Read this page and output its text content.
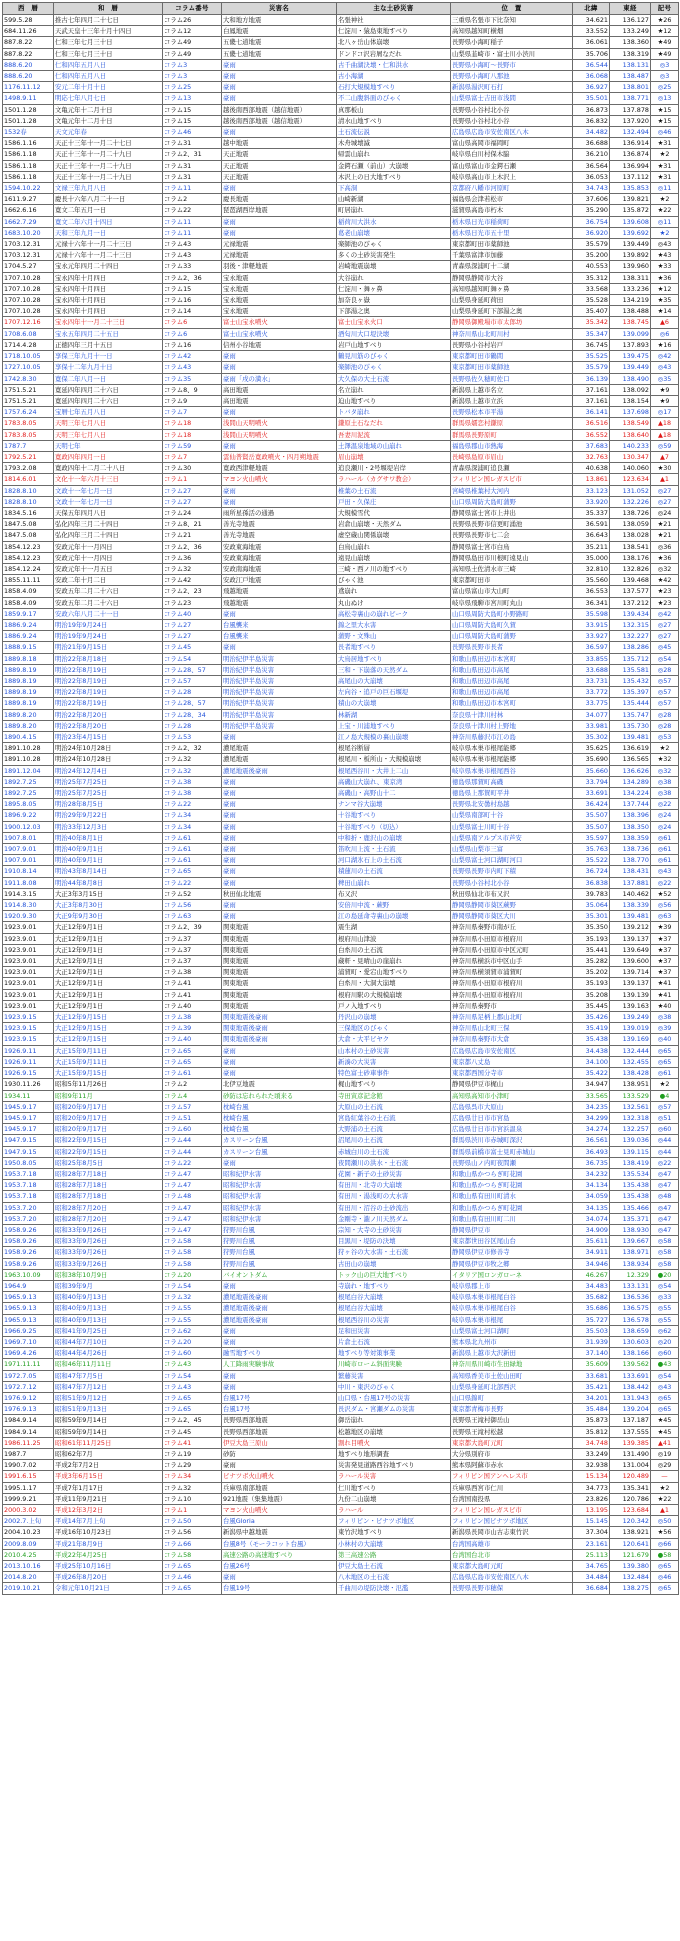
西　暦	和　暦	コラム番号	災害名	主な土砂災害	位　置	北緯	東経	記号
599.5.28	推古七年四月二十七日	コラム26	大和地方地震	名張神社	三重県名張市下比奈知	34.621	136.127	★26
684.11.26	天武天皇十三年十月十四日	コラム12	白鳳地震	仁淀川・猿島東地すべり	高知県越知町横畑	33.552	133.249	★12
887.8.22	仁和三年七月三十日	コラム49	五畿七道地震	北八ヶ岳山体崩壊	長野県小海町稲子	36.061	138.360	★49
887.8.22	仁和三年七月三十日	コラム49	五畿七道地震	ドンドコ沢岩屑なだれ	山梨県韮崎市・富士川小渋川	35.706	138.319	★49
888.6.20	仁和四年五月八日	コラム3	豪雨	古千曲湖決壊・仁和洪水	長野県小海町～長野市	36.544	138.131	◎3
888.6.20	仁和四年五月八日	コラム3	豪雨	古小海湖	長野県小海町八那池	36.068	138.487	◎3
1176.11.12	安元二年十月十日	コラム25	豪雨	石打大規模地すべり	新潟県湯沢町石打	36.927	138.801	◎25
1498.9.11	明応七年八月七日	コラム13	豪雨	不二山腹斜面のびゃく	山梨県富士吉田市浅間	35.501	138.771	◎13
1501.1.28	文亀元年十二月十日	コラム15	越後南西部地震（越信地震）	真那板山	長野県小谷村北小谷	36.873	137.878	★15
1501.1.28	文亀元年十二月十日	コラム15	越後南西部地震（越信地震）	清水山地すべり	長野県小谷村北小谷	36.832	137.920	★15
1532春	天文元年春	コラム46	豪雨	土石流伝説	広島県広島市安佐南区八木	34.482	132.494	◎46
1586.1.16	天正十三年十一月二十七日	コラム31	越中地震	木舟城壊滅	富山県高岡市福岡町	36.688	136.914	★31
1586.1.18	天正十三年十一月二十九日	コラム2、31	天正地震	帰雲山崩れ	岐阜県白川村保木脇	36.210	136.874	★2
1586.1.18	天正十三年十一月二十九日	コラム31	天正地震	金鍔石瀬（前山）大崩壊	富山県富山市金鍔石瀬	36.564	136.994	★31
1586.1.18	天正十三年十一月二十九日	コラム31	天正地震	木沢上の日大地すべり	岐阜県高山市上木沢上	36.053	137.112	★31
1594.10.22	文禄三年九月八日	コラム11	豪雨	下高洞	京都府八幡市河原町	34.743	135.853	◎11
1611.9.27	慶長十六年八月二十一日	コラム2	慶長地震	山崎新湖	福島県会津若松市	37.606	139.821	★2
1662.6.16	寛文二年五月一日	コラム22	琵琶湖西岸地震	町居崩れ	滋賀県高島市朽木	35.290	135.872	★22
1662.7.29	寛文二年六月十四日	コラム11	豪雨	稲荷川大洪水	栃木県日光市稲荷町	36.754	139.608	◎11
1683.10.20	天和三年九月一日	コラム11	豪雨	葛老山崩壊	栃木県日光市五十里	36.920	139.692	★2
1703.12.31	元禄十六年十一月二十三日	コラム43	元禄地震	楽師池のびゃく	東京都町田市薬師池	35.579	139.449	◎43
1703.12.31	元禄十六年十一月二十三日	コラム43	元禄地震	多くの土砂災害発生	千葉県富津市加藤	35.200	139.892	★43
1704.5.27	宝永元年四月二十四日	コラム33	羽後・津軽地震	岩崎地震崩壊	青森県深浦町十二湖	40.553	139.960	★33
1707.10.28	宝永四年十月四日	コラム2、36	宝永地震	大谷崩れ	静岡県静岡市大谷	35.312	138.311	★36
1707.10.28	宝永四年十月四日	コラム15	宝永地震	仁淀川・舞ヶ鼻	高知県越知町舞ヶ鼻	33.568	133.236	★12
1707.10.28	宝永四年十月四日	コラム16	宝永地震	加奈良ヶ嶽	山梨県身延町荷田	35.528	134.219	★35
1707.10.28	宝永四年十月四日	コラム14	宝永地震	下部湯之奥	山梨県身延町下部湯之奥	35.407	138.488	★14
1707.12.16	宝永四年十一月二十三日	コラム6	富士山宝永噴火	富士山宝永火口	静岡県御殿場市市太郎坊	35.342	138.745	▲6
1708.6.08	宝永五年四月二十五日	コラム6	富士山宝永噴火	酒匂川大口堤決壊	神奈川県山北町川村	35.347	139.099	◎6
1714.4.28	正徳四年三月十五日	コラム16	信州小谷地震	岩戸山地すべり	長野県小谷村岩戸	36.745	137.893	★16
1718.10.05	享保三年九月十一日	コラム42	豪雨	鶴見川筋のびゃく	東京都町田市鶴間	35.525	139.475	◎42
1727.10.05	享保十二年九月十日	コラム43	豪雨	楽師池のびゃく	東京都町田市薬師池	35.579	139.449	◎43
1742.8.30	寛保二年八月一日	コラム35	豪雨「戌の満水」	大久保の大土石流	長野県佐久穂町佐口	36.139	138.490	◎35
1751.5.21	寛延四年四月二十六日	コラム8、9	高田地震	名立崩れ	新潟県上越市名立	37.161	138.092	★9
1751.5.21	寛延四年四月二十六日	コラム9	高田地震	迫山地すべり	新潟県上越市立浜	37.161	138.154	★9
1757.6.24	宝暦七年五月八日	コラム7	豪雨	トバタ崩れ	長野県松本市平湯	36.141	137.698	◎17
1783.8.05	天明三年七月八日	コラム18	浅間山天明噴火	鎌原土石なだれ	群馬県嬬恋村鎌原	36.516	138.549	▲18
1783.8.05	天明三年七月八日	コラム18	浅間山天明噴火	吾妻川泥流	群馬県長野原町	36.552	138.640	▲18
1787.7	天明七年	コラム59	豪雨	土澤温泉地域の山崩れ	福島県郡山市熱海	37.683	140.233	◎59
1792.5.21	寛政四年四月一日	コラム7	雲仙普賢岳寛政噴火・四月朔地震	眉山崩壊	長崎県島原市眉山	32.763	130.347	▲7
1793.2.08	寛政四年十二月二十八日	コラム30	寛政西津軽地震	追良瀬川・2号堰堤岩岸	青森県深浦町追良瀬	40.638	140.060	★30
1814.6.01	文化十一年六月十三日	コラム1	マヨン火山噴火	ラハール（カグサワ教会）	フィリピン国レガスピ市	13.861	123.634	▲1
1828.8.10	文政十一年七月一日	コラム27	豪雨	椎葉の土石流	宮崎県椎葉村大河内	33.123	131.052	◎27
1828.8.10	文政十一年七月一日	コラム27	豪雨	戸田・久保庄	山口県周防大島町蒲野	33.920	132.226	◎27
1834.5.16	天保五年四月八日	コラム24	雨所星孫活の通過	大規模雪代	静岡県富士宮市上井出	35.337	138.726	◎24
1847.5.08	弘化四年三月二十四日	コラム8、21	善光寺地震	岩倉山崩壊・天然ダム	長野県長野市信更町涌池	36.591	138.059	★21
1847.5.08	弘化四年三月二十四日	コラム21	善光寺地震	虚空蔵山関係崩壊	長野県長野市七二会	36.643	138.028	★21
1854.12.23	安政元年十一月四日	コラム2、36	安政東海地震	白鳥山崩れ	静岡県富士宮市白鳥	35.211	138.541	◎36
1854.12.23	安政元年十一月四日	コラム36	安政東海地震	遠見山崩壊	静岡県島田市川根町遠見山	35.000	138.176	★36
1854.12.24	安政元年十一月五日	コラム32	安政南海地震	三崎・西ノ川の地すべり	高知県土佐清水市三崎	32.810	132.826	◎32
1855.11.11	安政二年十月二日	コラム42	安政江戸地震	びゃく池	東京都町田市	35.560	139.468	★42
1858.4.09	安政五年二月二十六日	コラム2、23	飛越地震	鳶崩れ	富山県富山市大山町	36.553	137.577	★23
1858.4.09	安政五年二月二十六日	コラム23	飛越地震	丸山ぬけ	岐阜県飛騨市宮川町丸山	36.341	137.212	★23
1859.9.17	安政六年八月二十一日	コラム40	豪雨	高松寺裏山の崩れピーク	山口県周防大島町小野路町	35.598	139.434	◎42
1886.9.24	明治19年9月24日	コラム27	台風襲来	錦之里大水害	山口県周防大島町久賀	33.915	132.315	◎27
1886.9.24	明治19年9月24日	コラム27	台風襲来	蒲野・文殊山	山口県周防大島町蒲野	33.927	132.227	◎27
1888.9.15	明治21年9月15日	コラム45	豪雨	長者地すべり	長野県長野市長者	36.597	138.286	◎45
1889.8.18	明治22年8月18日	コラム54	明治紀伊半島災害	大鳥居地すべり	和歌山県田辺市本宮町	33.855	135.712	◎54
1889.8.19	明治22年8月19日	コラム28、57	明治紀伊半島災害	三和・下崩落の天然ダム	和歌山県田辺市高尾	33.688	135.581	◎28
1889.8.19	明治22年8月19日	コラム57	明治紀伊半島災害	高尾山の大崩壊	和歌山県田辺市高尾	33.731	135.432	◎57
1889.8.19	明治22年8月19日	コラム28	明治紀伊半島災害	左向谷・追戸の巨石堰堤	和歌山県田辺市高尾	33.772	135.397	◎57
1889.8.19	明治22年8月19日	コラム28、57	明治紀伊半島災害	積山の大崩壊	和歌山県田辺市本宮町	33.775	135.444	◎57
1889.8.20	明治22年8月20日	コラム28、34	明治紀伊半島災害	林新湖	奈良県十津川村林	34.077	135.747	◎28
1889.8.20	明治22年8月20日	コラム28	明治紀伊半島災害	上宝・川浦地すべり	奈良県十津川村上野地	33.981	135.730	◎28
1890.4.15	明治23年4月15日	コラム53	豪雨	江ノ島大規模の裏山崩壊	神奈川県藤沢市江の島	35.302	139.481	◎53
1891.10.28	明治24年10月28日	コラム2、32	濃尾地震	根尾谷断層	岐阜県本巣市根尾能郷	35.625	136.619	★2
1891.10.28	明治24年10月28日	コラム32	濃尾地震	根尾川・板所山・大規模崩壊	岐阜県本巣市根尾能郷	35.690	136.565	★32
1891.12.04	明治24年12月4日	コラム32	濃尾地震後豪雨	根尾西谷川・大井上二山	岐阜県本巣市根尾西谷	35.660	136.626	◎32
1892.7.25	明治25年7月25日	コラム38	豪雨	高磯山大崩れ、東京湾	徳島県那賀町高磯	33.794	134.289	◎38
1892.7.25	明治25年7月25日	コラム38	豪雨	高磯山・高野山十二	徳島県上那賀町平井	33.691	134.224	◎38
1895.8.05	明治28年8月5日	コラム22	豪雨	ナンマ谷大崩壊	長野県北安曇村島越	36.424	137.744	◎22
1896.9.22	明治29年9月22日	コラム34	豪雨	十谷地すべり	山梨県南部町十谷	35.507	138.396	◎24
1900.12.03	明治33年12月3日	コラム34	豪雨	十谷地すべり（切込）	山梨県富士川町十谷	35.507	138.350	◎24
1907.8.01	明治40年8月1日	コラム61	豪雨	中和折・鹿沢山の崩壊	山梨県南アルプス市芦安	35.597	138.359	◎61
1907.9.01	明治40年9月1日	コラム61	豪雨	笛吹川上流・土石流	山梨県山梨市三富	35.763	138.736	◎61
1907.9.01	明治40年9月1日	コラム61	豪雨	河口湖氷石上の土石流	山梨県富士河口湖町河口	35.522	138.770	◎61
1910.8.14	明治43年8月14日	コラム65	豪雨	積蓮川の土石流	長野県長野市内町下積	36.724	138.431	◎43
1911.8.08	明治44年8月8日	コラム22	豪雨	稗田山崩れ	長野県小谷村北小谷	36.838	137.881	◎22
1914.3.15	大正3年3月15日	コラム52	秋田仙北地震	布又沢	秋田県仙北市布又沢	39.783	140.462	★52
1914.8.30	大正3年8月30日	コラム56	豪雨	安倍川中流・蕨野	静岡県静岡市葵区蕨野	35.064	138.339	◎56
1920.9.30	大正9年9月30日	コラム63	豪雨	江の島延命寺裏山の崩壊	静岡県静岡市葵区大川	35.301	139.481	◎63
1923.9.01	大正12年9月1日	コラム2、39	関東地震	震生湖	神奈川県秦野市南が丘	35.350	139.212	★39
1923.9.01	大正12年9月1日	コラム37	関東地震	根府川山津波	神奈川県小田原市根府川	35.193	139.137	★37
1923.9.01	大正12年9月1日	コラム37	関東地震	白糸川の土石流	神奈川県小田原市中区元町	35.441	139.649	★37
1923.9.01	大正12年9月1日	コラム37	関東地震	蔵軒・見晴山の崖崩れ	神奈川県横浜市中区山手	35.282	139.600	★37
1923.9.01	大正12年9月1日	コラム38	関東地震	浦賀町・愛宕山地すべり	神奈川県横須賀市浦賀町	35.202	139.714	★37
1923.9.01	大正12年9月1日	コラム41	関東地震	白糸川・大洞大崩壊	神奈川県小田原市根府川	35.193	139.137	★41
1923.9.01	大正12年9月1日	コラム41	関東地震	根府川駅の大規模崩壊	神奈川県小田原市根府川	35.208	139.139	★41
1923.9.01	大正12年9月1日	コラム40	関東地震	戸ノ入地すべり	神奈川県秦野市	35.445	139.163	★40
1923.9.15	大正12年9月15日	コラム38	関東地震後豪雨	丹沢山の崩壊	神奈川県足柄上郡山北町	35.426	139.249	◎38
1923.9.15	大正12年9月15日	コラム39	関東地震後豪雨	三保地区のびゃく	神奈川県山北町三保	35.419	139.019	◎39
1923.9.15	大正12年9月15日	コラム40	関東地震後豪雨	大倉・大平ピヤク	神奈川県秦野市大倉	35.438	139.169	◎40
1926.9.11	大正15年9月11日	コラム65	豪雨	山本村の土砂災害	広島県広島市安佐南区	34.438	132.444	◎65
1926.9.11	大正15年9月11日	コラム65	豪雨	新湊の大災害	東京都八丈島	34.100	132.455	◎65
1926.9.15	大正15年9月15日	コラム61	豪雨	特色富士砂車事件	東京都西国分寺市	35.422	138.428	◎61
1930.11.26	昭和5年11月26日	コラム2	北伊豆地震	梶山地すべり	静岡県伊豆市梶山	34.947	138.951	★2
1934.11	昭和9年11月	コラム4	砂防は忘れられた頃来る	寺田寅彦記念館	高知県高知市小津町	33.565	133.529	●4
1945.9.17	昭和20年9月17日	コラム57	枕崎台風	大原山の土石流	広島県呉市大原山	34.235	132.561	◎57
1945.9.17	昭和20年9月17日	コラム51	枕崎台風	宮島紅葉谷の土石流	広島県廿日市市宮島	34.299	132.318	◎51
1945.9.17	昭和20年9月17日	コラム60	枕崎台風	大野浦の土石流	広島県廿日市市宮浜温泉	34.274	132.257	◎60
1947.9.15	昭和22年9月15日	コラム44	カスリーン台風	沼尾川の土石流	群馬県渋川市赤城町深沢	36.561	139.036	◎44
1947.9.15	昭和22年9月15日	コラム44	カスリーン台風	赤城白川の土石流	群馬県前橋市富士見町赤城山	36.493	139.115	◎44
1950.8.05	昭和25年8月5日	コラム22	豪雨	夜間瀬川の洪水・土石流	長野県山ノ内町夜間瀬	36.735	138.419	◎22
1953.7.18	昭和28年7月18日	コラム47	昭和紀伊水害	花園・新子の土砂災害	和歌山県かつらぎ町花園	34.232	135.534	◎47
1953.7.18	昭和28年7月18日	コラム47	昭和紀伊水害	有田川・北寺の大崩壊	和歌山県かつらぎ町花園	34.134	135.438	◎47
1953.7.18	昭和28年7月18日	コラム48	昭和紀伊水害	有田川・湯浅町の大水害	和歌山県有田川町清水	34.059	135.438	◎48
1953.7.20	昭和28年7月20日	コラム47	昭和紀伊水害	有田川・沼谷の土砂流出	和歌山県かつらぎ町花園	34.135	135.466	◎47
1953.7.20	昭和28年7月20日	コラム47	昭和紀伊水害	金剛寺・瀧ノ川天然ダム	和歌山県有田川町二川	34.074	135.371	◎47
1958.9.26	昭和33年9月26日	コラム47	狩野川台風	宗知・大寺の土砂災害	静岡県伊豆市	34.909	138.930	◎47
1958.9.26	昭和33年9月26日	コラム58	狩野川台風	目黒川・堤防の決壊	東京都世田谷区尾山台	35.611	139.667	◎58
1958.9.26	昭和33年9月26日	コラム58	狩野川台風	狩ヶ谷の大水害・土石流	静岡県伊豆市修善寺	34.911	138.971	◎58
1958.9.26	昭和33年9月26日	コラム58	狩野川台風	古田山の崩壊	静岡県伊豆市牧之郷	34.946	138.934	◎58
1963.10.09	昭和38年10月9日	コラム20	バイオントダム	トック山の巨大地すべり	イタリア国ロンガローネ	46.267	12.329	●20
1964.9	昭和39年9月	コラム54	豪雨	寺崩れ・地すべり	岐阜県郡上市	34.483	133.131	◎54
1965.9.13	昭和40年9月13日	コラム32	濃尾地震後豪雨	根尾白谷大崩壊	岐阜県本巣市根尾白谷	35.682	136.536	◎33
1965.9.13	昭和40年9月13日	コラム55	濃尾地震後豪雨	根尾白谷大崩壊	岐阜県本巣市根尾白谷	35.686	136.575	◎55
1965.9.13	昭和40年9月13日	コラム55	濃尾地震後豪雨	根尾西谷川の災害	岐阜県本巣市根尾	35.727	136.578	◎55
1966.9.25	昭和41年9月25日	コラム62	豪雨	足和田災害	山梨県富士河口湖町	35.503	138.659	◎62
1969.7.10	昭和44年7月10日	コラム20	豪雨	片倉土石流	熊本県北九州市	31.939	130.603	◎20
1969.4.26	昭和44年4月26日	コラム60	融雪地すべり	地すべり等対策事業	新潟県上越市大沢新田	37.140	138.166	◎60
1971.11.11	昭和46年11月11日	コラム43	人工降雨実験事故	川崎市ローム斜面実験	神奈川県川崎市生田緑地	35.609	139.562	●43
1972.7.05	昭和47年7月5日	コラム54	豪雨	繁藤災害	高知県香美市土佐山田町	33.681	133.691	◎54
1972.7.12	昭和47年7月12日	コラム43	豪雨	中川・東沢のびゃく	山梨県身延町北部西沢	35.421	138.442	◎43
1976.9.12	昭和51年9月12日	コラム65	台風17号	山口県・台風17号の災害	山口県錦町	34.201	131.943	◎65
1976.9.13	昭和51年9月13日	コラム65	台風17号	長沢ダム・宮瀬ダムの災害	東京都青梅市長野	35.484	139.204	◎65
1984.9.14	昭和59年9月14日	コラム2、45	長野県西部地震	御岳崩れ	長野県王滝村御岳山	35.873	137.187	★45
1984.9.14	昭和59年9月14日	コラム45	長野県西部地震	松越地区の崩壊	長野県王滝村松越	35.812	137.555	★45
1986.11.25	昭和61年11月25日	コラム41	伊豆大島三原山	割れ目噴火	東京都大島町元町	34.748	139.385	▲41
1987.7	昭和62年7月	コラム19	砂防	地すべり地形調査	大分県別府市	33.249	131.490	◎19
1990.7.02	平成2年7月2日	コラム29	豪雨	災害発見道路西谷地すべり	熊本県阿蘇市赤水	32.938	131.004	◎29
1991.6.15	平成3年6月15日	コラム34	ピナツボ火山噴火	ラハール災害	フィリピン国アンヘレス市	15.134	120.489	—
1995.1.17	平成7年1月17日	コラム32	兵庫県南部地震	仁川地すべり	兵庫県西宮市仁川	34.773	135.341	★2
1999.9.21	平成11年9月21日	コラム10	921地震（集集地震）	九份二山崩壊	台湾国南投県	23.826	120.786	★22
2000.3.02	平成12年3月2日	コラム1	マヨン火山噴火	ラハール	フィリピン国レガスピ市	13.195	123.684	▲1
2002.7.上旬	平成14年7月上旬	コラム50	台風Gloria	フィリピン・ピナツボ地区	フィリピン国ピナツボ地区	15.145	120.342	◎50
2004.10.23	平成16年10月23日	コラム56	新潟県中越地震	東竹沢地すべり	新潟県長岡市山古志東竹沢	37.304	138.921	★56
2009.8.09	平成21年8月9日	コラム66	台風8号（モーラコット台風）	小林村の大崩壊	台湾国高雄市	23.161	120.641	◎66
2010.4.25	平成22年4月25日	コラム58	高速公路の高速地すべり	第三高速公路	台湾国台北市	25.113	121.679	●58
2013.10.16	平成25年10月16日	コラム65	台風26号	伊豆大島土石流	東京都大島町元町	34.765	139.380	◎65
2014.8.20	平成26年8月20日	コラム46	豪雨	八木地区の土石流	広島県広島市安佐南区八木	34.484	132.484	◎46
2019.10.21	令和元年10月21日	コラム65	台風19号	千曲川の堤防決壊・氾濫	長野県長野市穂保	36.684	138.275	◎65
